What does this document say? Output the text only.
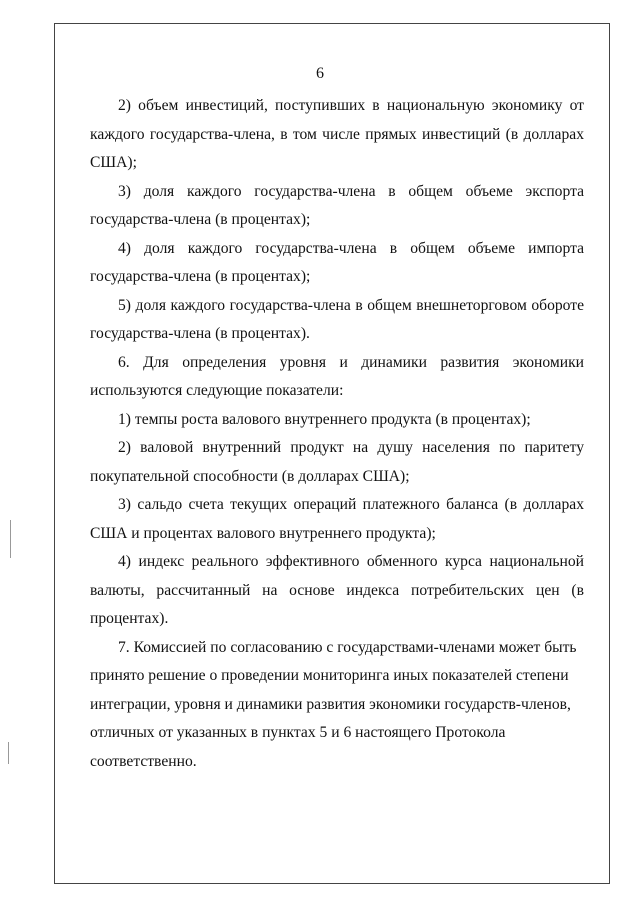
6

2) объем инвестиций, поступивших в национальную экономику от каждого государства-члена, в том числе прямых инвестиций (в долларах США);

3) доля каждого государства-члена в общем объеме экспорта государства-члена (в процентах);

4) доля каждого государства-члена в общем объеме импорта государства-члена (в процентах);

5) доля каждого государства-члена в общем внешнеторговом обороте государства-члена (в процентах).

6. Для определения уровня и динамики развития экономики используются следующие показатели:

1) темпы роста валового внутреннего продукта (в процентах);

2) валовой внутренний продукт на душу населения по паритету покупательной способности (в долларах США);

3) сальдо счета текущих операций платежного баланса (в долларах США и процентах валового внутреннего продукта);

4) индекс реального эффективного обменного курса национальной валюты, рассчитанный на основе индекса потребительских цен (в процентах).

7. Комиссией по согласованию с государствами-членами может быть принято решение о проведении мониторинга иных показателей степени интеграции, уровня и динамики развития экономики государств-членов, отличных от указанных в пунктах 5 и 6 настоящего Протокола соответственно.
